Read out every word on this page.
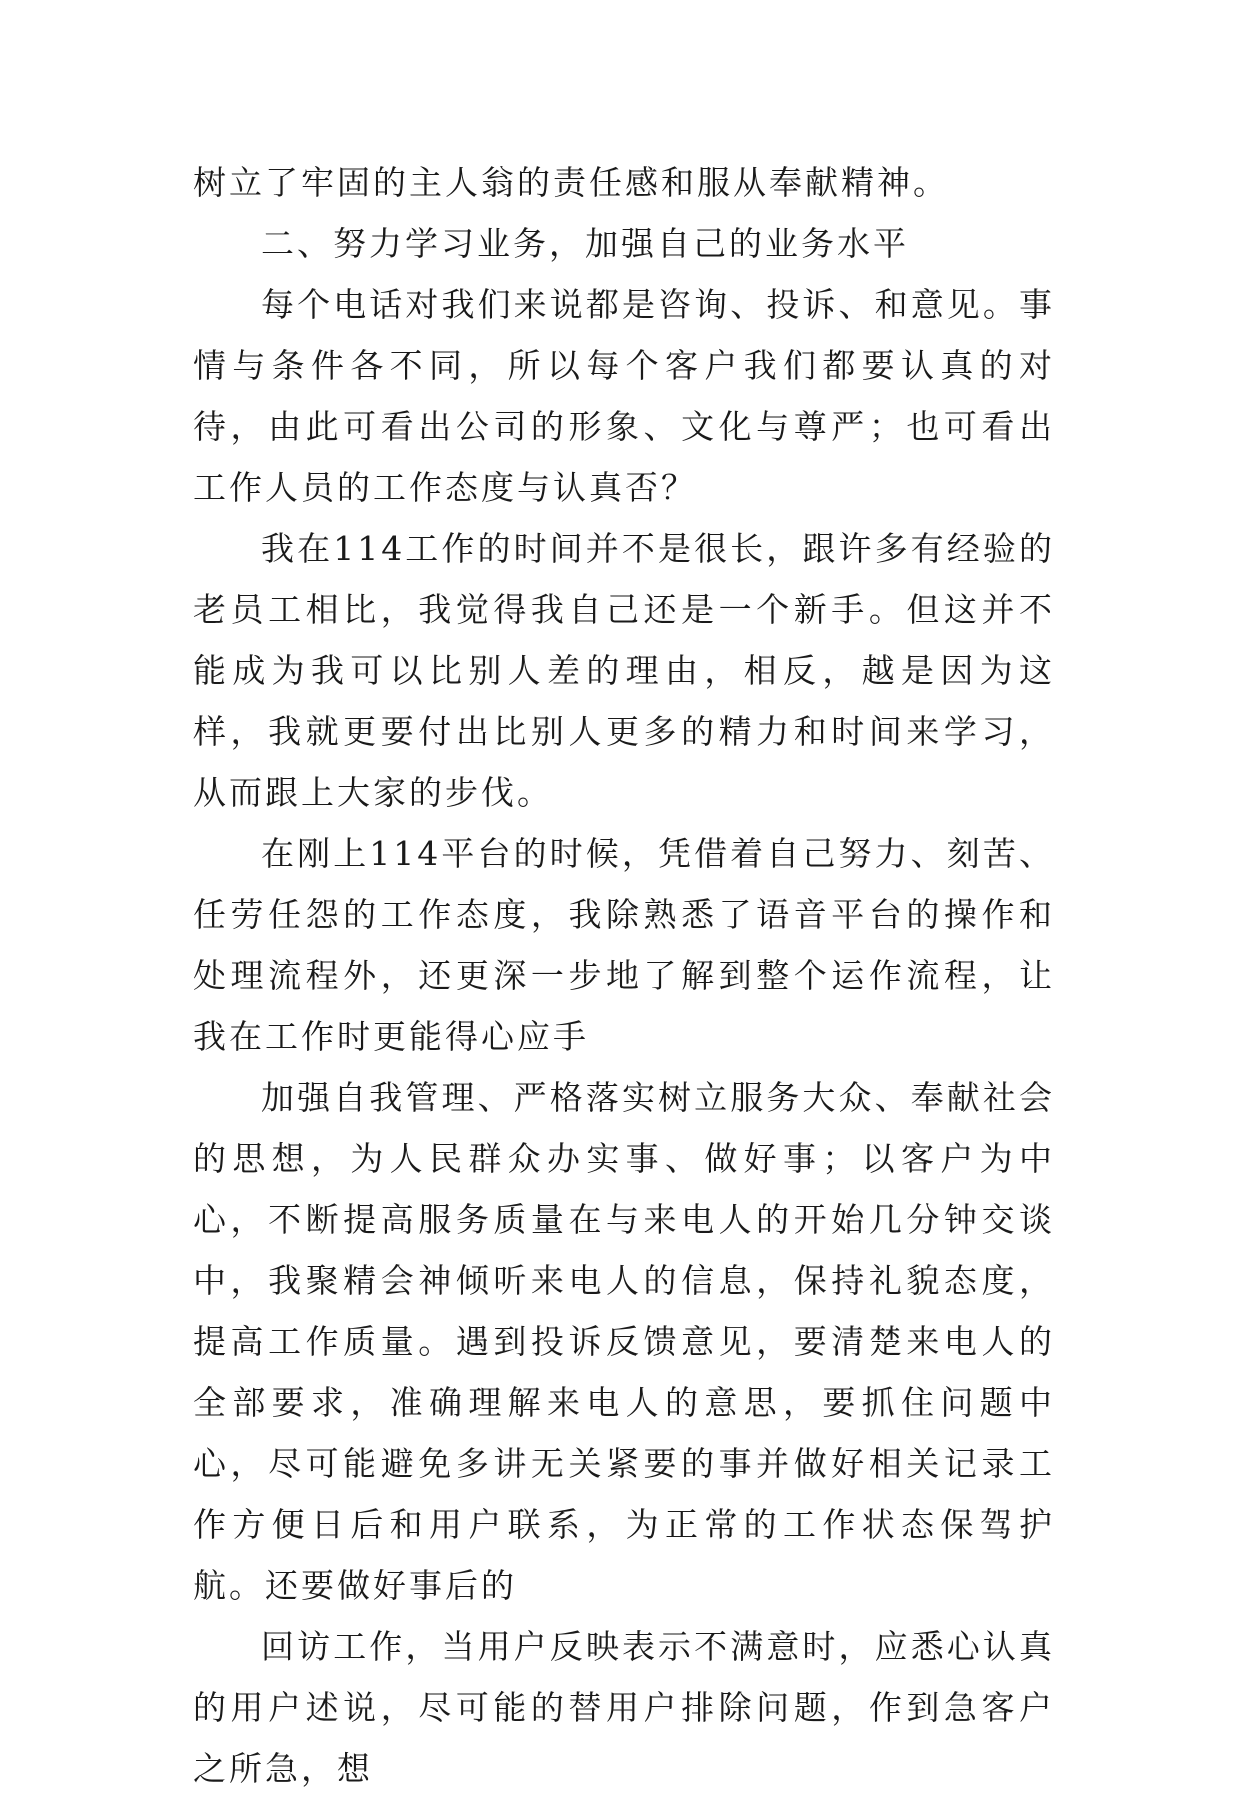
树立了牢固的主人翁的责任感和服从奉献精神。

二、努力学习业务，加强自己的业务水平

每个电话对我们来说都是咨询、投诉、和意见。事情与条件各不同，所以每个客户我们都要认真的对待，由此可看出公司的形象、文化与尊严；也可看出工作人员的工作态度与认真否？

我在114工作的时间并不是很长，跟许多有经验的老员工相比，我觉得我自己还是一个新手。但这并不能成为我可以比别人差的理由，相反，越是因为这样，我就更要付出比别人更多的精力和时间来学习，从而跟上大家的步伐。

在刚上114平台的时候，凭借着自己努力、刻苦、任劳任怨的工作态度，我除熟悉了语音平台的操作和处理流程外，还更深一步地了解到整个运作流程，让我在工作时更能得心应手

加强自我管理、严格落实树立服务大众、奉献社会的思想，为人民群众办实事、做好事；以客户为中心，不断提高服务质量在与来电人的开始几分钟交谈中，我聚精会神倾听来电人的信息，保持礼貌态度，提高工作质量。遇到投诉反馈意见，要清楚来电人的全部要求，准确理解来电人的意思，要抓住问题中心，尽可能避免多讲无关紧要的事并做好相关记录工作方便日后和用户联系，为正常的工作状态保驾护航。还要做好事后的

回访工作，当用户反映表示不满意时，应悉心认真的用户述说，尽可能的替用户排除问题，作到急客户之所急，想
